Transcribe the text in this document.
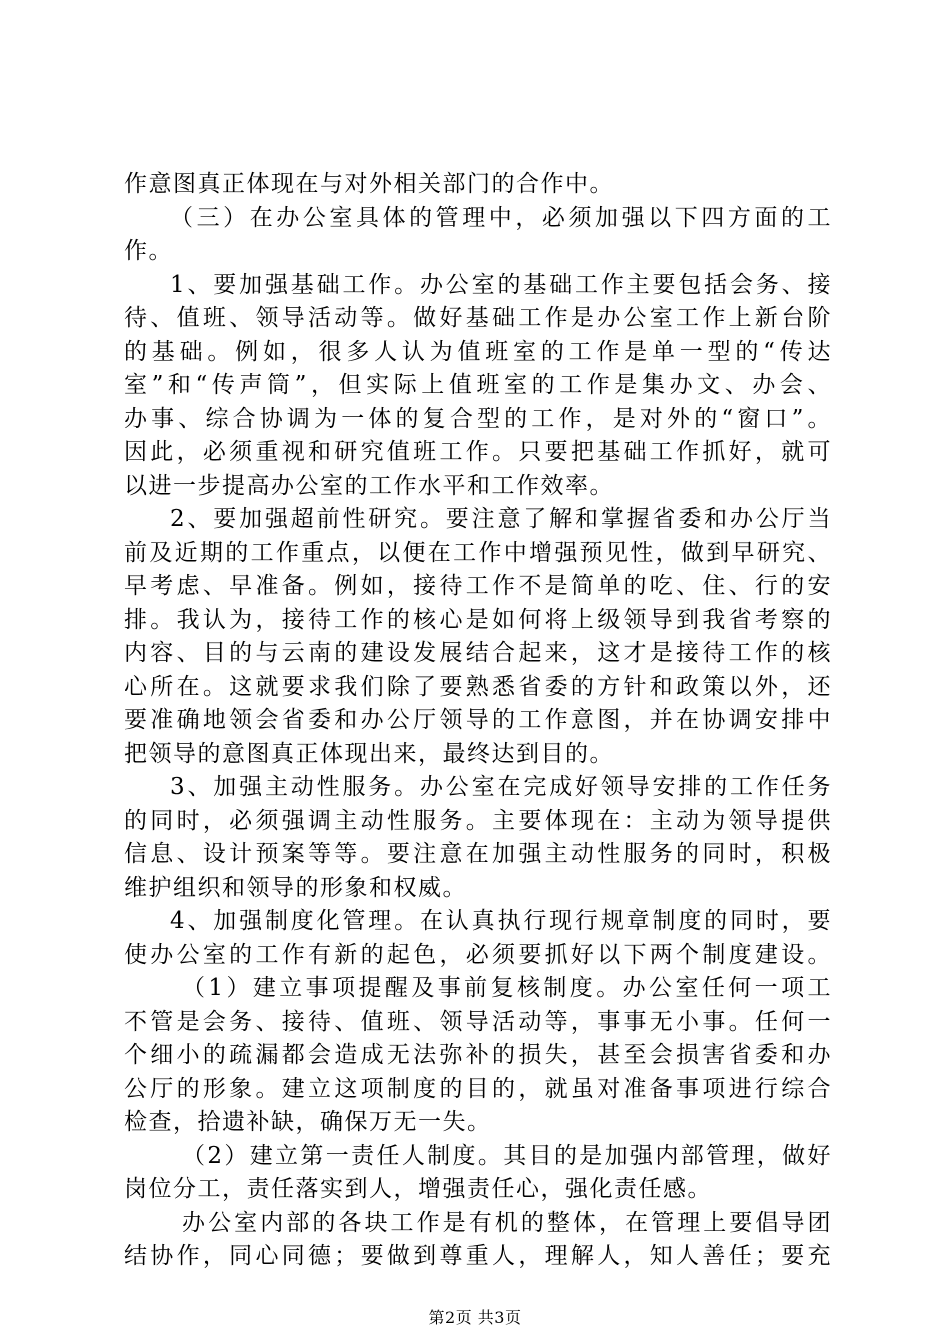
作意图真正体现在与对外相关部门的合作中。
（三）在办公室具体的管理中，必须加强以下四方面的工
作。
1、要加强基础工作。办公室的基础工作主要包括会务、接
待、值班、领导活动等。做好基础工作是办公室工作上新台阶
的基础。例如，很多人认为值班室的工作是单一型的“传达
室”和“传声筒”，但实际上值班室的工作是集办文、办会、
办事、综合协调为一体的复合型的工作，是对外的“窗口”。
因此，必须重视和研究值班工作。只要把基础工作抓好，就可
以进一步提高办公室的工作水平和工作效率。
2、要加强超前性研究。要注意了解和掌握省委和办公厅当
前及近期的工作重点，以便在工作中增强预见性，做到早研究、
早考虑、早准备。例如，接待工作不是简单的吃、住、行的安
排。我认为，接待工作的核心是如何将上级领导到我省考察的
内容、目的与云南的建设发展结合起来，这才是接待工作的核
心所在。这就要求我们除了要熟悉省委的方针和政策以外，还
要准确地领会省委和办公厅领导的工作意图，并在协调安排中
把领导的意图真正体现出来，最终达到目的。
3、加强主动性服务。办公室在完成好领导安排的工作任务
的同时，必须强调主动性服务。主要体现在：主动为领导提供
信息、设计预案等等。要注意在加强主动性服务的同时，积极
维护组织和领导的形象和权威。
4、加强制度化管理。在认真执行现行规章制度的同时，要
使办公室的工作有新的起色，必须要抓好以下两个制度建设。
（1）建立事项提醒及事前复核制度。办公室任何一项工
不管是会务、接待、值班、领导活动等，事事无小事。任何一
个细小的疏漏都会造成无法弥补的损失，甚至会损害省委和办
公厅的形象。建立这项制度的目的，就虽对准备事项进行综合
检查，拾遗补缺，确保万无一失。
（2）建立第一责任人制度。其目的是加强内部管理，做好
岗位分工，责任落实到人，增强责任心，强化责任感。
办公室内部的各块工作是有机的整体，在管理上要倡导团
结协作，同心同德；要做到尊重人，理解人，知人善任；要充
第2页 共3页
